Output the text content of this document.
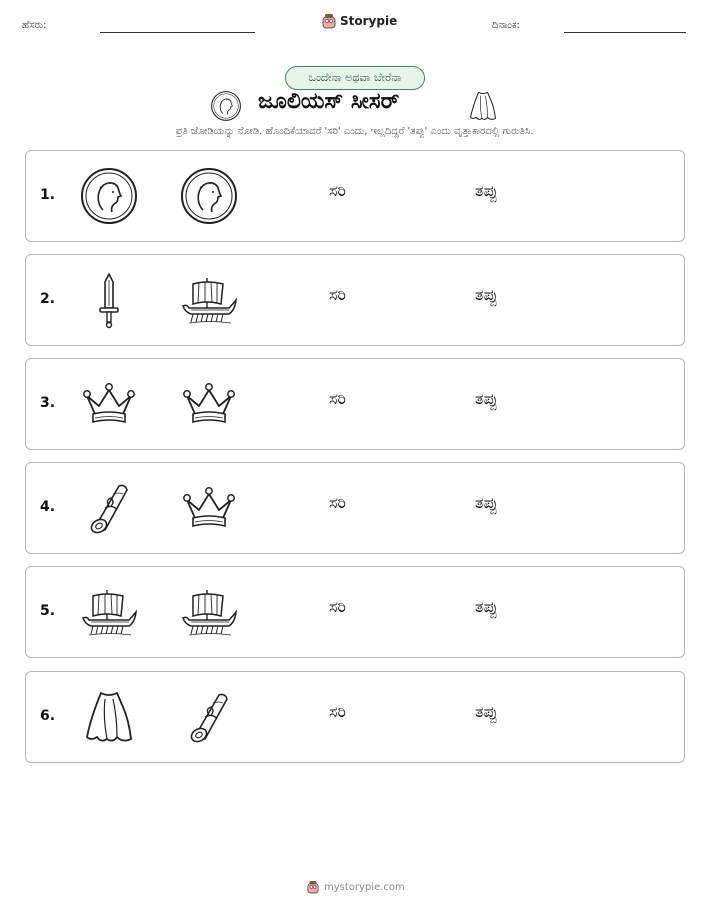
ಹೆಸರು:	Storypie	ದಿನಾಂಕ:
ಒಂದೇನಾ ಅಥವಾ ಬೇರೆನಾ
ಜೂಲಿಯಸ್ ಸೀಸರ್
ಪ್ರತಿ ಜೋಡಿಯನ್ನು ನೋಡಿ. ಹೊಂದಿಕೆಯಾದರೆ 'ಸರಿ' ಎಂದು, ಇಲ್ಲದಿದ್ದರೆ 'ತಪ್ಪು' ಎಂದು ವೃತ್ತಾಕಾರದಲ್ಲಿ ಗುರುತಿಸಿ.
1.	ಸರಿ	ತಪ್ಪು
2.	ಸರಿ	ತಪ್ಪು
3.	ಸರಿ	ತಪ್ಪು
4.	ಸರಿ	ತಪ್ಪು
5.	ಸರಿ	ತಪ್ಪು
6.	ಸರಿ	ತಪ್ಪು
mystorypie.com
